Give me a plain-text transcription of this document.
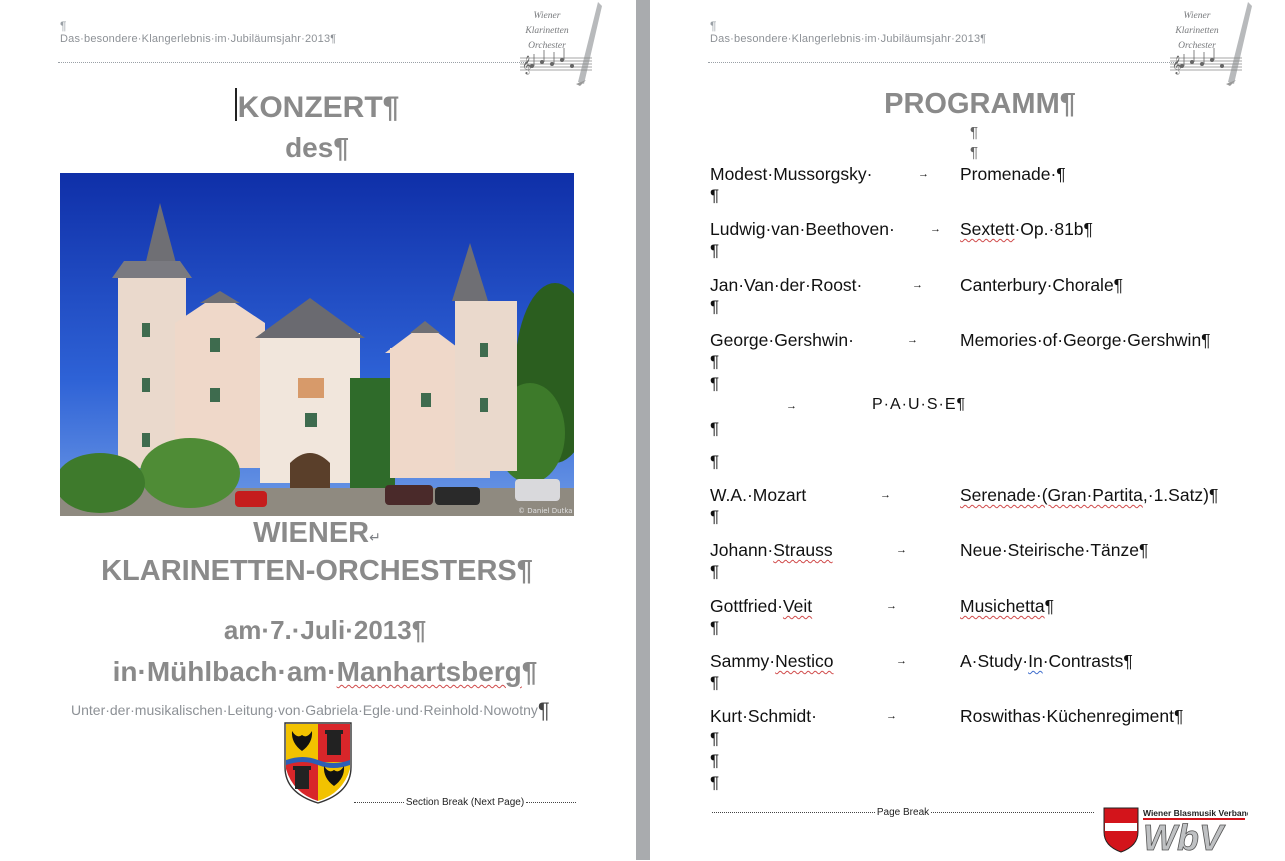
¶
Das·besondere·Klangerlebnis·im·Jubiläumsjahr·2013¶
Wiener
Klarinetten
Orchester
𝄞
KONZERT¶
des¶
© Daniel Dutka
WIENER↵
KLARINETTEN-ORCHESTERS¶
am·7.·Juli·2013¶
in·Mühlbach·am·Manhartsberg¶
Unter·der·musikalischen·Leitung·von·Gabriela·Egle·und·Reinhold·Nowotny¶
Section Break (Next Page)
¶
Das·besondere·Klangerlebnis·im·Jubiläumsjahr·2013¶
Wiener
Klarinetten
Orchester
𝄞
PROGRAMM¶
¶
¶
Modest·Mussorgsky·	→ Promenade·¶
¶
Ludwig·van·Beethoven·	→ Sextett·Op.·81b¶
¶
Jan·Van·der·Roost·	→ Canterbury·Chorale¶
¶
George·Gershwin·	→ Memories·of·George·Gershwin¶
¶
¶
→	P·A·U·S·E¶
¶
¶
W.A.·Mozart	→	Serenade·(Gran·Partita,·1.Satz)¶
¶
Johann·Strauss	→	Neue·Steirische·Tänze¶
¶
Gottfried·Veit	→	Musichetta¶
¶
Sammy·Nestico	→	A·Study·In·Contrasts¶
¶
Kurt·Schmidt·	→	Roswithas·Küchenregiment¶
¶
¶
¶
Page Break	Wiener Blasmusik Verband
WbV
